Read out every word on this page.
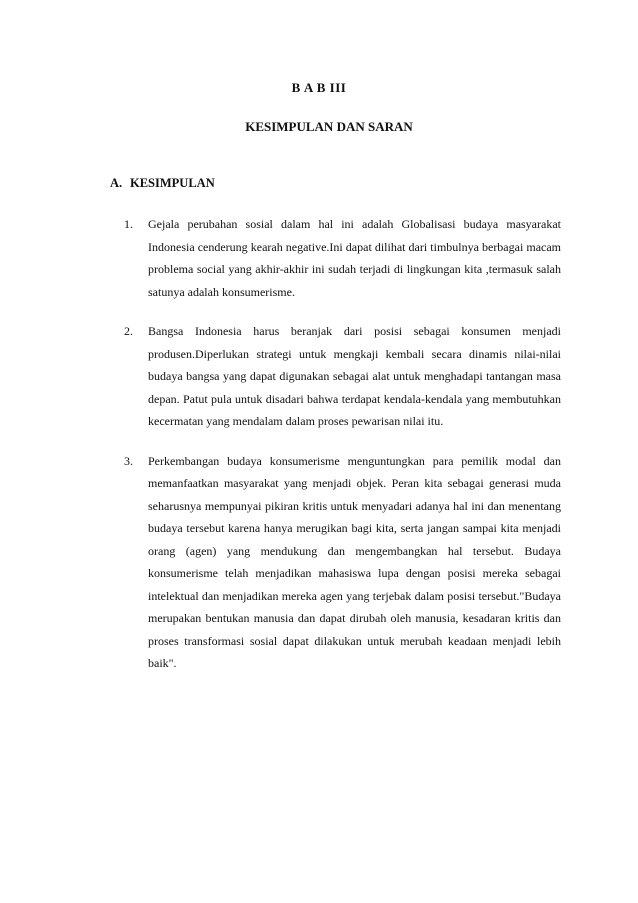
B A B III
KESIMPULAN DAN SARAN
A. KESIMPULAN
1. Gejala perubahan sosial dalam hal ini adalah Globalisasi budaya masyarakat Indonesia cenderung kearah negative.Ini dapat dilihat dari timbulnya berbagai macam problema social yang akhir-akhir ini sudah terjadi di lingkungan kita ,termasuk salah satunya adalah konsumerisme.
2. Bangsa Indonesia harus beranjak dari posisi sebagai konsumen menjadi produsen.Diperlukan strategi untuk mengkaji kembali secara dinamis nilai-nilai budaya bangsa yang dapat digunakan sebagai alat untuk menghadapi tantangan masa depan. Patut pula untuk disadari bahwa terdapat kendala-kendala yang membutuhkan kecermatan yang mendalam dalam proses pewarisan nilai itu.
3. Perkembangan budaya konsumerisme menguntungkan para pemilik modal dan memanfaatkan masyarakat yang menjadi objek. Peran kita sebagai generasi muda seharusnya mempunyai pikiran kritis untuk menyadari adanya hal ini dan menentang budaya tersebut karena hanya merugikan bagi kita, serta jangan sampai kita menjadi orang (agen) yang mendukung dan mengembangkan hal tersebut. Budaya konsumerisme telah menjadikan mahasiswa lupa dengan posisi mereka sebagai intelektual dan menjadikan mereka agen yang terjebak dalam posisi tersebut."Budaya merupakan bentukan manusia dan dapat dirubah oleh manusia, kesadaran kritis dan proses transformasi sosial dapat dilakukan untuk merubah keadaan menjadi lebih baik".
